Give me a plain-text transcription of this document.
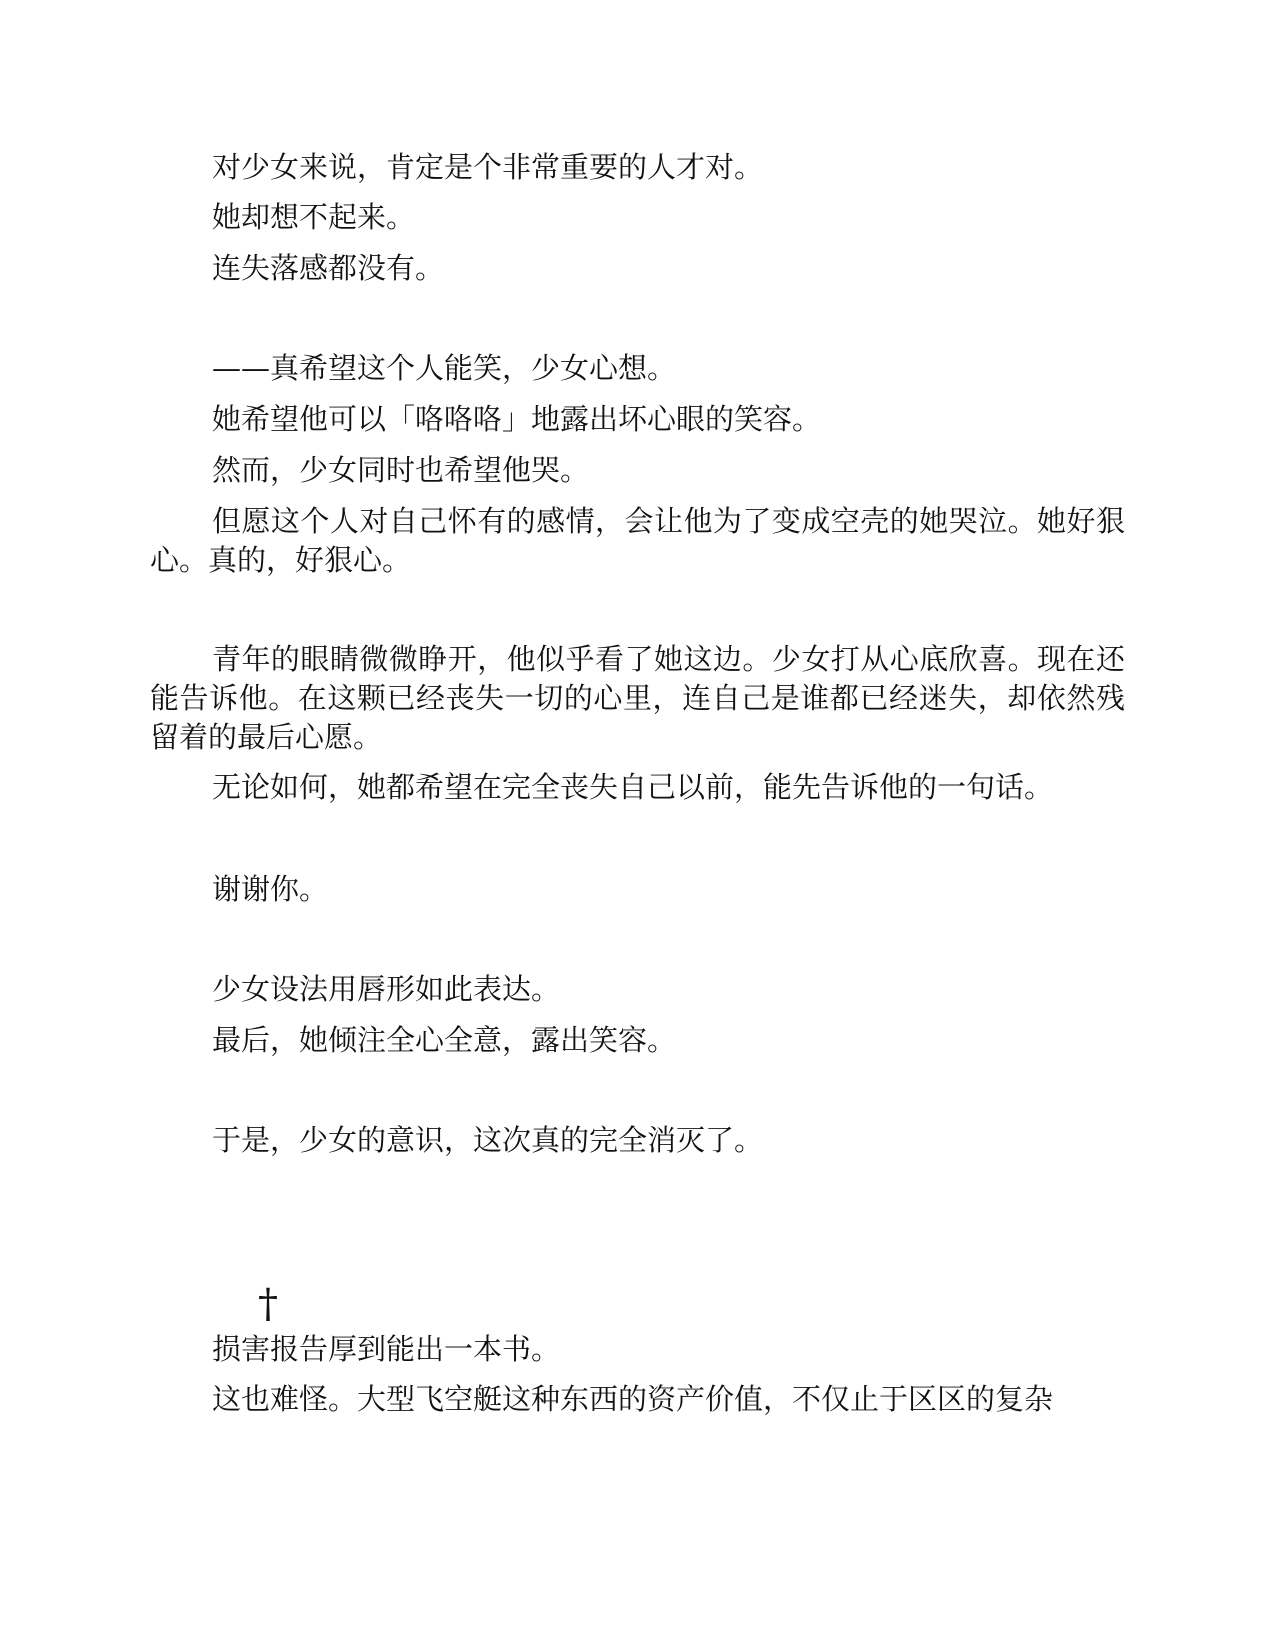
对少女来说，肯定是个非常重要的人才对。

她却想不起来。

连失落感都没有。

——真希望这个人能笑，少女心想。

她希望他可以「咯咯咯」地露出坏心眼的笑容。

然而，少女同时也希望他哭。

但愿这个人对自己怀有的感情，会让他为了变成空壳的她哭泣。她好狠心。真的，好狠心。

青年的眼睛微微睁开，他似乎看了她这边。少女打从心底欣喜。现在还能告诉他。在这颗已经丧失一切的心里，连自己是谁都已经迷失，却依然残留着的最后心愿。

无论如何，她都希望在完全丧失自己以前，能先告诉他的一句话。

谢谢你。

少女设法用唇形如此表达。

最后，她倾注全心全意，露出笑容。

于是，少女的意识，这次真的完全消灭了。

†

损害报告厚到能出一本书。

这也难怪。大型飞空艇这种东西的资产价值，不仅止于区区的复杂
